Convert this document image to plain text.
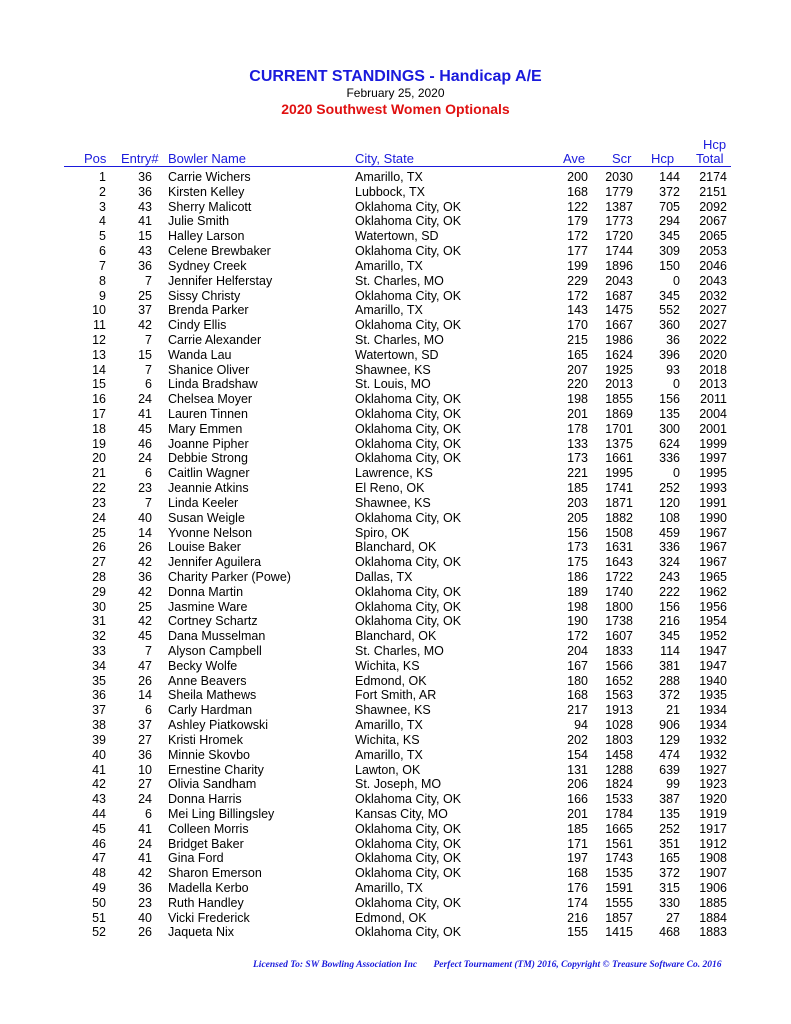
CURRENT STANDINGS - Handicap A/E
February 25, 2020
2020 Southwest Women Optionals
Pos Entry# Bowler Name	City, State	Ave Scr Hcp
Hcp
Total
1	36 Carrie Wichers	Amarillo, TX	200 2030 144 2174
2	36 Kirsten Kelley	Lubbock, TX	168 1779 372 2151
3	43 Sherry Malicott	Oklahoma City, OK	122 1387 705 2092
4	41 Julie Smith	Oklahoma City, OK	179 1773 294 2067
5	15 Halley Larson	Watertown, SD	172 1720 345 2065
6	43 Celene Brewbaker	Oklahoma City, OK	177 1744 309 2053
7	36 Sydney Creek	Amarillo, TX	199 1896 150 2046
8	7 Jennifer Helferstay	St. Charles, MO	229 2043	0 2043
9	25 Sissy Christy	Oklahoma City, OK	172 1687 345 2032
10	37 Brenda Parker	Amarillo, TX	143 1475 552 2027
11	42 Cindy Ellis	Oklahoma City, OK	170 1667 360 2027
12	7 Carrie Alexander	St. Charles, MO	215 1986	36 2022
13	15 Wanda Lau	Watertown, SD	165 1624 396 2020
14	7 Shanice Oliver	Shawnee, KS	207 1925	93 2018
15	6 Linda Bradshaw	St. Louis, MO	220 2013	0 2013
16	24 Chelsea Moyer	Oklahoma City, OK	198 1855 156 2011
17	41 Lauren Tinnen	Oklahoma City, OK	201 1869 135 2004
18	45 Mary Emmen	Oklahoma City, OK	178 1701 300 2001
19	46 Joanne Pipher	Oklahoma City, OK	133 1375 624 1999
20	24 Debbie Strong	Oklahoma City, OK	173 1661 336 1997
21	6 Caitlin Wagner	Lawrence, KS	221 1995	0 1995
22	23 Jeannie Atkins	El Reno, OK	185 1741 252 1993
23	7 Linda Keeler	Shawnee, KS	203 1871 120 1991
24	40 Susan Weigle	Oklahoma City, OK	205 1882 108 1990
25	14 Yvonne Nelson	Spiro, OK	156 1508 459 1967
26	26 Louise Baker	Blanchard, OK	173 1631 336 1967
27	42 Jennifer Aguilera	Oklahoma City, OK	175 1643 324 1967
28	36 Charity Parker (Powe)	Dallas, TX	186 1722 243 1965
29	42 Donna Martin	Oklahoma City, OK	189 1740 222 1962
30	25 Jasmine Ware	Oklahoma City, OK	198 1800 156 1956
31	42 Cortney Schartz	Oklahoma City, OK	190 1738 216 1954
32	45 Dana Musselman	Blanchard, OK	172 1607 345 1952
33	7 Alyson Campbell	St. Charles, MO	204 1833 114 1947
34	47 Becky Wolfe	Wichita, KS	167 1566 381 1947
35	26 Anne Beavers	Edmond, OK	180 1652 288 1940
36	14 Sheila Mathews	Fort Smith, AR	168 1563 372 1935
37	6 Carly Hardman	Shawnee, KS	217 1913	21 1934
38	37 Ashley Piatkowski	Amarillo, TX	94 1028 906 1934
39	27 Kristi Hromek	Wichita, KS	202 1803 129 1932
40	36 Minnie Skovbo	Amarillo, TX	154 1458 474 1932
41	10 Ernestine Charity	Lawton, OK	131 1288 639 1927
42	27 Olivia Sandham	St. Joseph, MO	206 1824	99 1923
43	24 Donna Harris	Oklahoma City, OK	166 1533 387 1920
44	6 Mei Ling Billingsley	Kansas City, MO	201 1784 135 1919
45	41 Colleen Morris	Oklahoma City, OK	185 1665 252 1917
46	24 Bridget Baker	Oklahoma City, OK	171 1561 351 1912
47	41 Gina Ford	Oklahoma City, OK	197 1743 165 1908
48	42 Sharon Emerson	Oklahoma City, OK	168 1535 372 1907
49	36 Madella Kerbo	Amarillo, TX	176 1591 315 1906
50	23 Ruth Handley	Oklahoma City, OK	174 1555 330 1885
51	40 Vicki Frederick	Edmond, OK	216 1857	27 1884
52	26 Jaqueta Nix	Oklahoma City, OK	155 1415 468 1883
Licensed To: SW Bowling Association Inc Perfect Tournament (TM) 2016, Copyright © Treasure Software Co. 2016
